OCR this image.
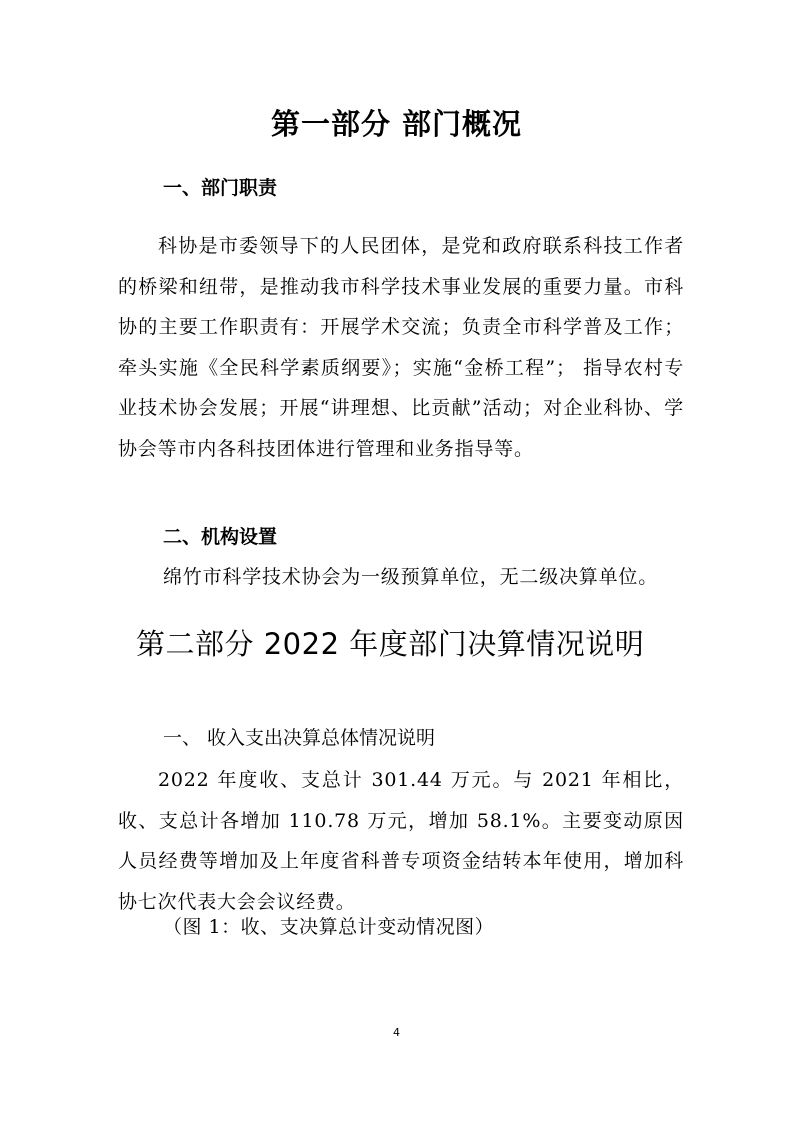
第一部分 部门概况
一、部门职责
科协是市委领导下的人民团体，是党和政府联系科技工作者的桥梁和纽带，是推动我市科学技术事业发展的重要力量。市科协的主要工作职责有：开展学术交流；负责全市科学普及工作；牵头实施《全民科学素质纲要》；实施“金桥工程”； 指导农村专业技术协会发展；开展“讲理想、比贡献”活动；对企业科协、学协会等市内各科技团体进行管理和业务指导等。
二、机构设置
绵竹市科学技术协会为一级预算单位，无二级决算单位。
第二部分 2022 年度部门决算情况说明
一、 收入支出决算总体情况说明
2022 年度收、支总计 301.44 万元。与 2021 年相比，收、支总计各增加 110.78 万元，增加 58.1%。主要变动原因人员经费等增加及上年度省科普专项资金结转本年使用，增加科协七次代表大会会议经费。
（图 1：收、支决算总计变动情况图）
4
